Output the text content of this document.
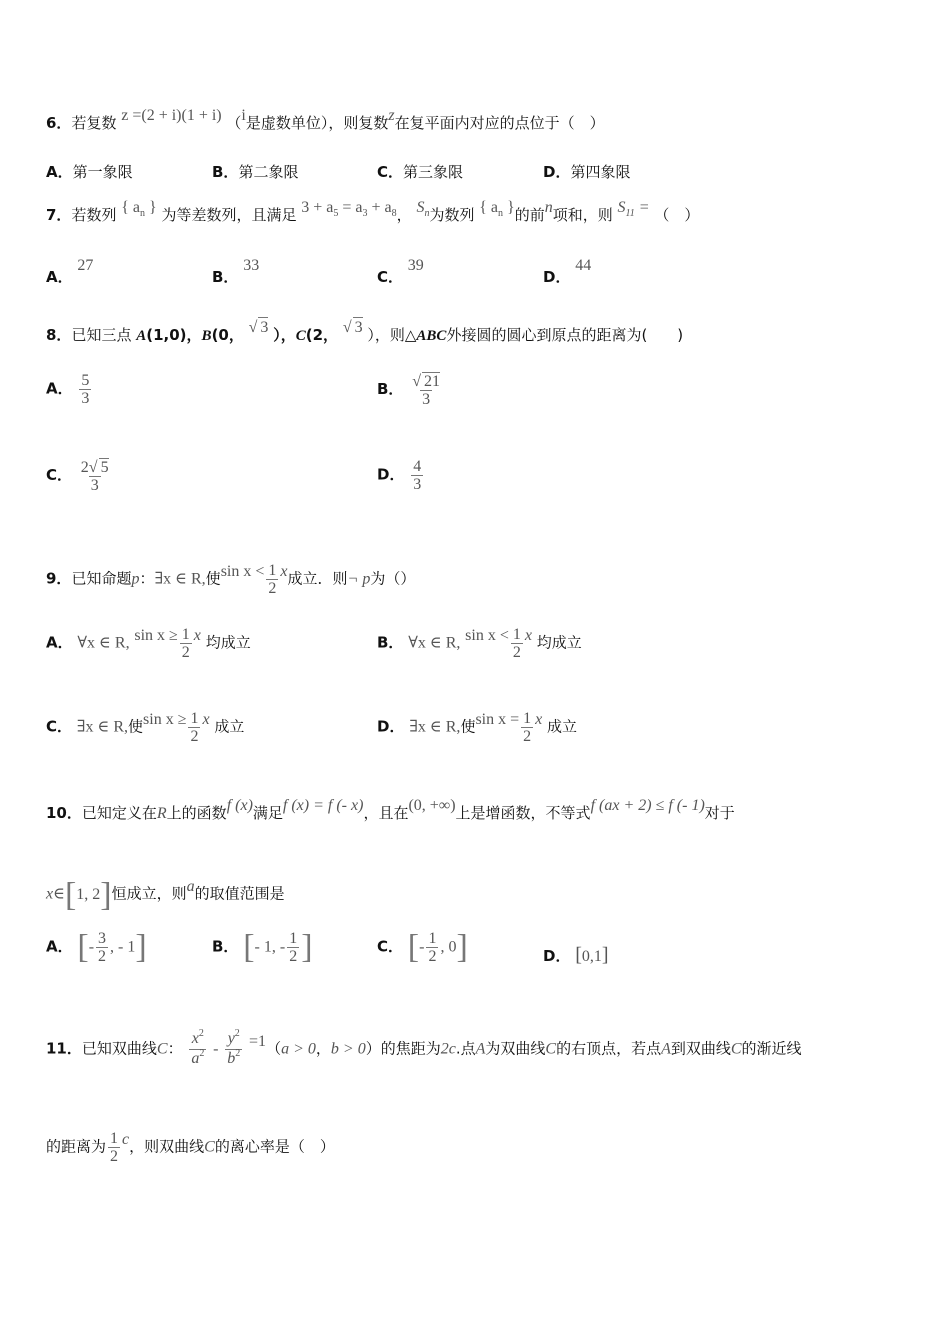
6．若复数 z =(2 + i)(1 + i) （i是虚数单位），则复数z在复平面内对应的点位于（　）
A．第一象限	B．第二象限	C．第三象限	D．第四象限
7．若数列 { $a_n$ } 为等差数列，且满足 $3 + a_5 = a_3 + a_8$， $S_n$为数列 { $a_n$ }的前n项和，则 $S_{11}$ = （　）
A． 27
B． 33
C． 39
D． 44
8．已知三点 A(1,0)，B(0， √ 3 ），C(2， √ 3 ），则△ABC外接圆的圆心到原点的距离为(　　)
A． $\frac{5}{3}$	B． $\frac{√ 21}{3}$
C． $\frac{2√ 5}{3}$	D． $\frac{4}{3}$
9．已知命题p：∃x ∈ R,使$\sin x < \frac{1}{2}$ x成立．则¬ p为（）
A． ∀x ∈ R, $\sin x \ge \frac{1}{2}$ x 均成立	B． ∀x ∈ R, $\sin x < \frac{1}{2}$ x 均成立
C． ∃x ∈ R,使$\sin x \ge \frac{1}{2}$ x 成立	D． ∃x ∈ R,使$\sin x = \frac{1}{2}$ x 成立
10．已知定义在R上的函数f (x)满足f (x) = f (- x)，且在(0, +∞)上是增函数，不等式f (ax + 2) ≤ f (- 1)对于
x∈[1, 2]恒成立，则a的取值范围是
A． [- $\frac{3}{2}$ , - 1]	B． [- 1, - $\frac{1}{2}$ ]	C． [- $\frac{1}{2}$ , 0]	D． [0,1]
11．已知双曲线C： $\frac{x^2}{a^2} - \frac{y^2}{b^2} =1(a > 0$，b > 0）的焦距为2c.点A为双曲线C的右顶点，若点A到双曲线C的渐近线
的距离为 $\frac{1}{2}$ c，则双曲线C的离心率是（　）
